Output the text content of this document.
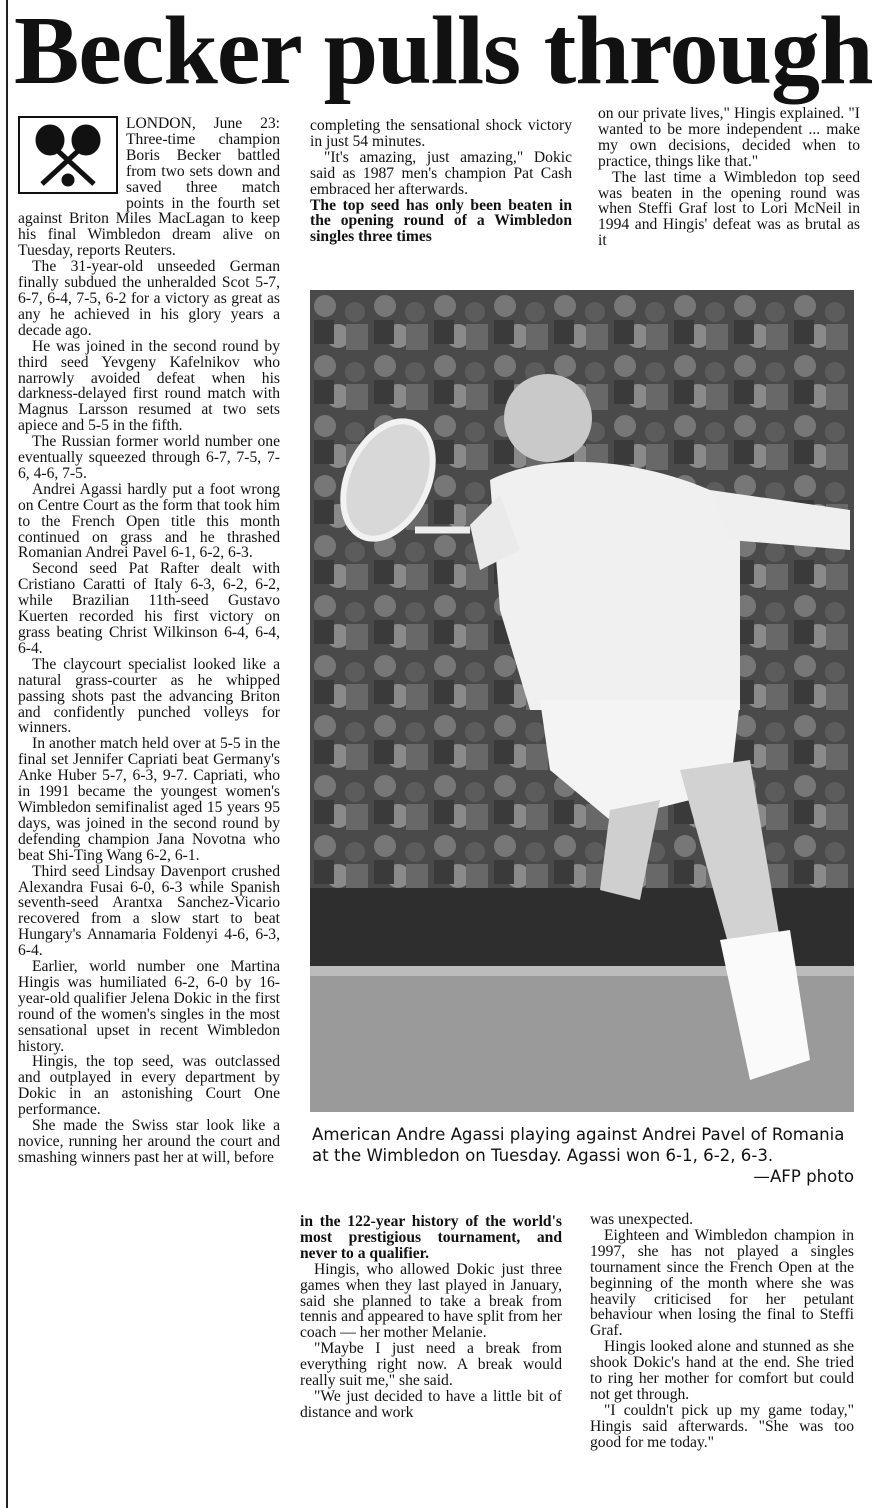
Becker pulls through

LONDON, June 23: Three-time champion Boris Becker battled from two sets down and saved three match points in the fourth set against Briton Miles MacLagan to keep his final Wimbledon dream alive on Tuesday, reports Reuters.

The 31-year-old unseeded German finally subdued the unheralded Scot 5-7, 6-7, 6-4, 7-5, 6-2 for a victory as great as any he achieved in his glory years a decade ago.

He was joined in the second round by third seed Yevgeny Kafelnikov who narrowly avoided defeat when his darkness-delayed first round match with Magnus Larsson resumed at two sets apiece and 5-5 in the fifth.

The Russian former world number one eventually squeezed through 6-7, 7-5, 7-6, 4-6, 7-5.

Andrei Agassi hardly put a foot wrong on Centre Court as the form that took him to the French Open title this month continued on grass and he thrashed Romanian Andrei Pavel 6-1, 6-2, 6-3.

Second seed Pat Rafter dealt with Cristiano Caratti of Italy 6-3, 6-2, 6-2, while Brazilian 11th-seed Gustavo Kuerten recorded his first victory on grass beating Christ Wilkinson 6-4, 6-4, 6-4.

The claycourt specialist looked like a natural grass-courter as he whipped passing shots past the advancing Briton and confidently punched volleys for winners.

In another match held over at 5-5 in the final set Jennifer Capriati beat Germany's Anke Huber 5-7, 6-3, 9-7. Capriati, who in 1991 became the youngest women's Wimbledon semifinalist aged 15 years 95 days, was joined in the second round by defending champion Jana Novotna who beat Shi-Ting Wang 6-2, 6-1.

Third seed Lindsay Davenport crushed Alexandra Fusai 6-0, 6-3 while Spanish seventh-seed Arantxa Sanchez-Vicario recovered from a slow start to beat Hungary's Annamaria Foldenyi 4-6, 6-3, 6-4.

Earlier, world number one Martina Hingis was humiliated 6-2, 6-0 by 16-year-old qualifier Jelena Dokic in the first round of the women's singles in the most sensational upset in recent Wimbledon history.

Hingis, the top seed, was outclassed and outplayed in every department by Dokic in an astonishing Court One performance.

She made the Swiss star look like a novice, running her around the court and smashing winners past her at will, before

completing the sensational shock victory in just 54 minutes.

"It's amazing, just amazing," Dokic said as 1987 men's champion Pat Cash embraced her afterwards.

The top seed has only been beaten in the opening round of a Wimbledon singles three times

on our private lives," Hingis explained. "I wanted to be more independent ... make my own decisions, decided when to practice, things like that."

The last time a Wimbledon top seed was beaten in the opening round was when Steffi Graf lost to Lori McNeil in 1994 and Hingis' defeat was as brutal as it

American Andre Agassi playing against Andrei Pavel of Romania at the Wimbledon on Tuesday. Agassi won 6-1, 6-2, 6-3.
—AFP photo

in the 122-year history of the world's most prestigious tournament, and never to a qualifier.

Hingis, who allowed Dokic just three games when they last played in January, said she planned to take a break from tennis and appeared to have split from her coach — her mother Melanie.

"Maybe I just need a break from everything right now. A break would really suit me," she said.

"We just decided to have a little bit of distance and work

was unexpected.

Eighteen and Wimbledon champion in 1997, she has not played a singles tournament since the French Open at the beginning of the month where she was heavily criticised for her petulant behaviour when losing the final to Steffi Graf.

Hingis looked alone and stunned as she shook Dokic's hand at the end. She tried to ring her mother for comfort but could not get through.

"I couldn't pick up my game today," Hingis said afterwards. "She was too good for me today."
